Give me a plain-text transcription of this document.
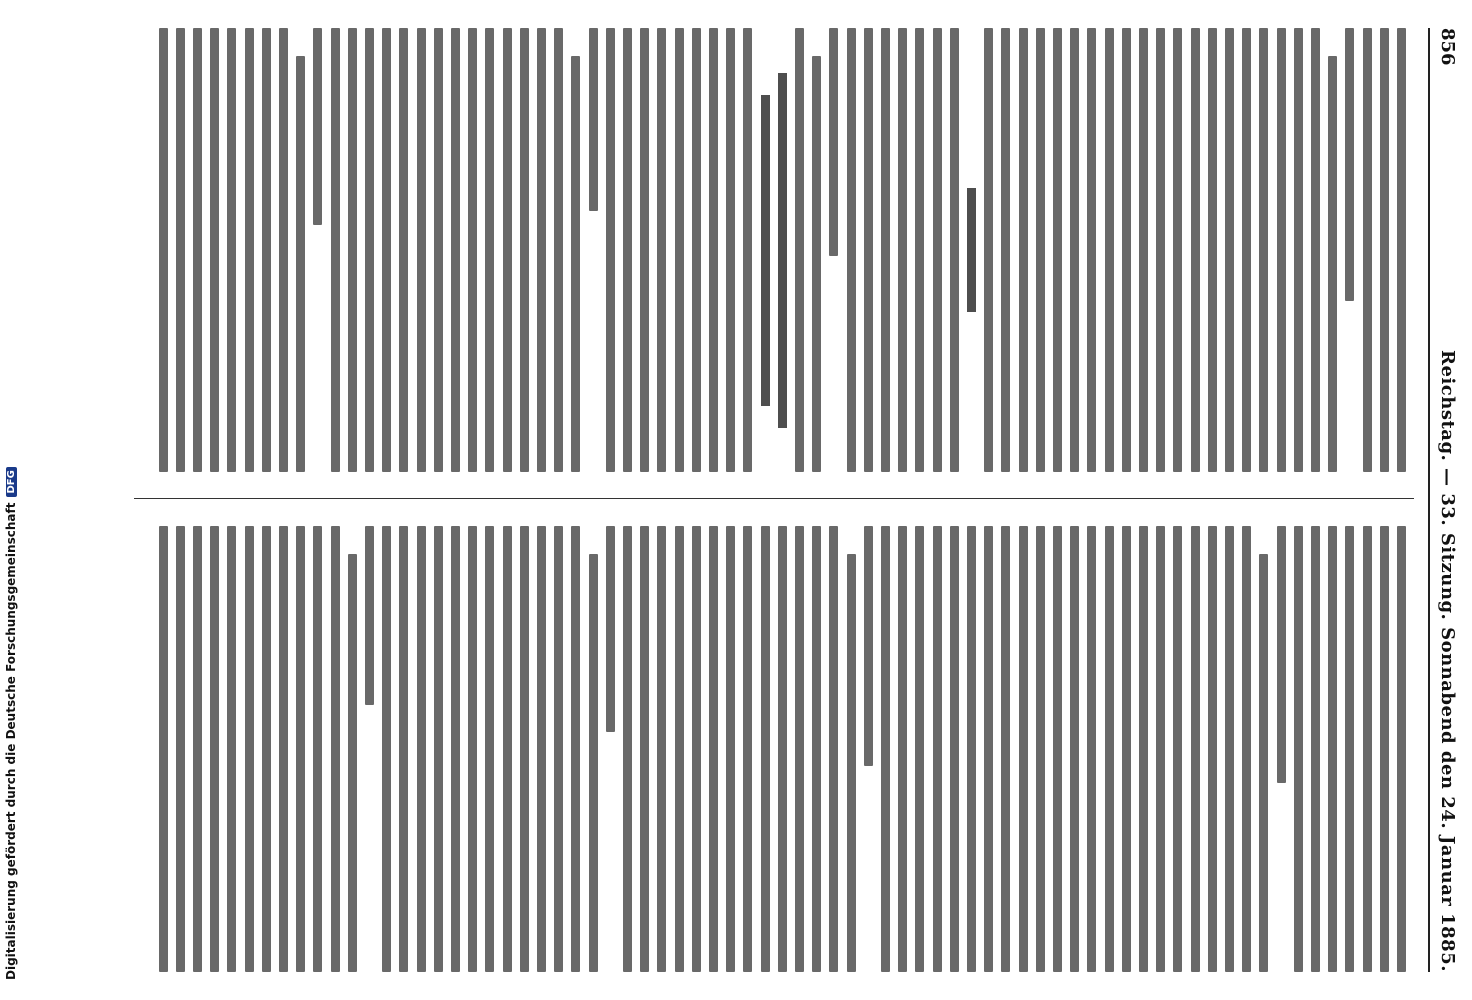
Digitalisierung gefördert durch die Deutsche ForschungsgemeinschaftDFG
856
Reichstag. — 33. Sitzung. Sonnabend den 24. Januar 1885.
